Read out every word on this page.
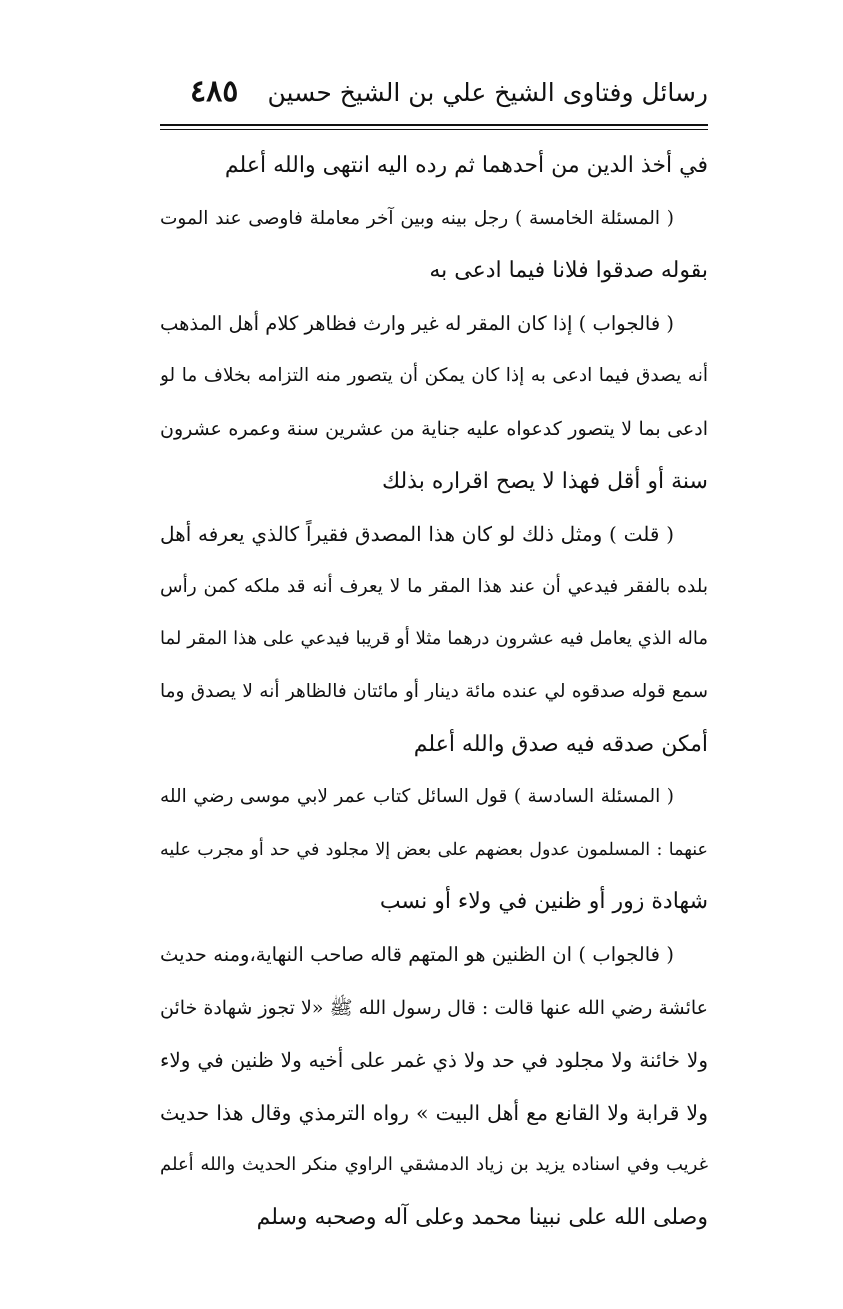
رسائل وفتاوى الشيخ علي بن الشيخ حسين
٤٨٥
في أخذ الدين من أحدهما ثم رده اليه انتهى والله أعلم
( المسئلة الخامسة ) رجل بينه وبين آخر معاملة فاوصى عند الموت
بقوله صدقوا فلانا فيما ادعى به
( فالجواب ) إذا كان المقر له غير وارث فظاهر كلام أهل المذهب
أنه يصدق فيما ادعى به إذا كان يمكن أن يتصور منه التزامه بخلاف ما لو
ادعى بما لا يتصور كدعواه عليه جناية من عشرين سنة وعمره عشرون
سنة أو أقل فهذا لا يصح اقراره بذلك
( قلت ) ومثل ذلك لو كان هذا المصدق فقيراً كالذي يعرفه أهل
بلده بالفقر فيدعي أن عند هذا المقر ما لا يعرف أنه قد ملكه كمن رأس
ماله الذي يعامل فيه عشرون درهما مثلا أو قريبا فيدعي على هذا المقر لما
سمع قوله صدقوه لي عنده مائة دينار أو مائتان فالظاهر أنه لا يصدق وما
أمكن صدقه فيه صدق والله أعلم
( المسئلة السادسة ) قول السائل كتاب عمر لابي موسى رضي الله
عنهما : المسلمون عدول بعضهم على بعض إلا مجلود في حد أو مجرب عليه
شهادة زور أو ظنين في ولاء أو نسب
( فالجواب ) ان الظنين هو المتهم قاله صاحب النهاية،ومنه حديث
عائشة رضي الله عنها قالت : قال رسول الله ﷺ «لا تجوز شهادة خائن
ولا خائنة ولا مجلود في حد ولا ذي غمر على أخيه ولا ظنين في ولاء
ولا قرابة ولا القانع مع أهل البيت » رواه الترمذي وقال هذا حديث
غريب وفي اسناده يزيد بن زياد الدمشقي الراوي منكر الحديث والله أعلم
وصلى الله على نبينا محمد وعلى آله وصحبه وسلم
